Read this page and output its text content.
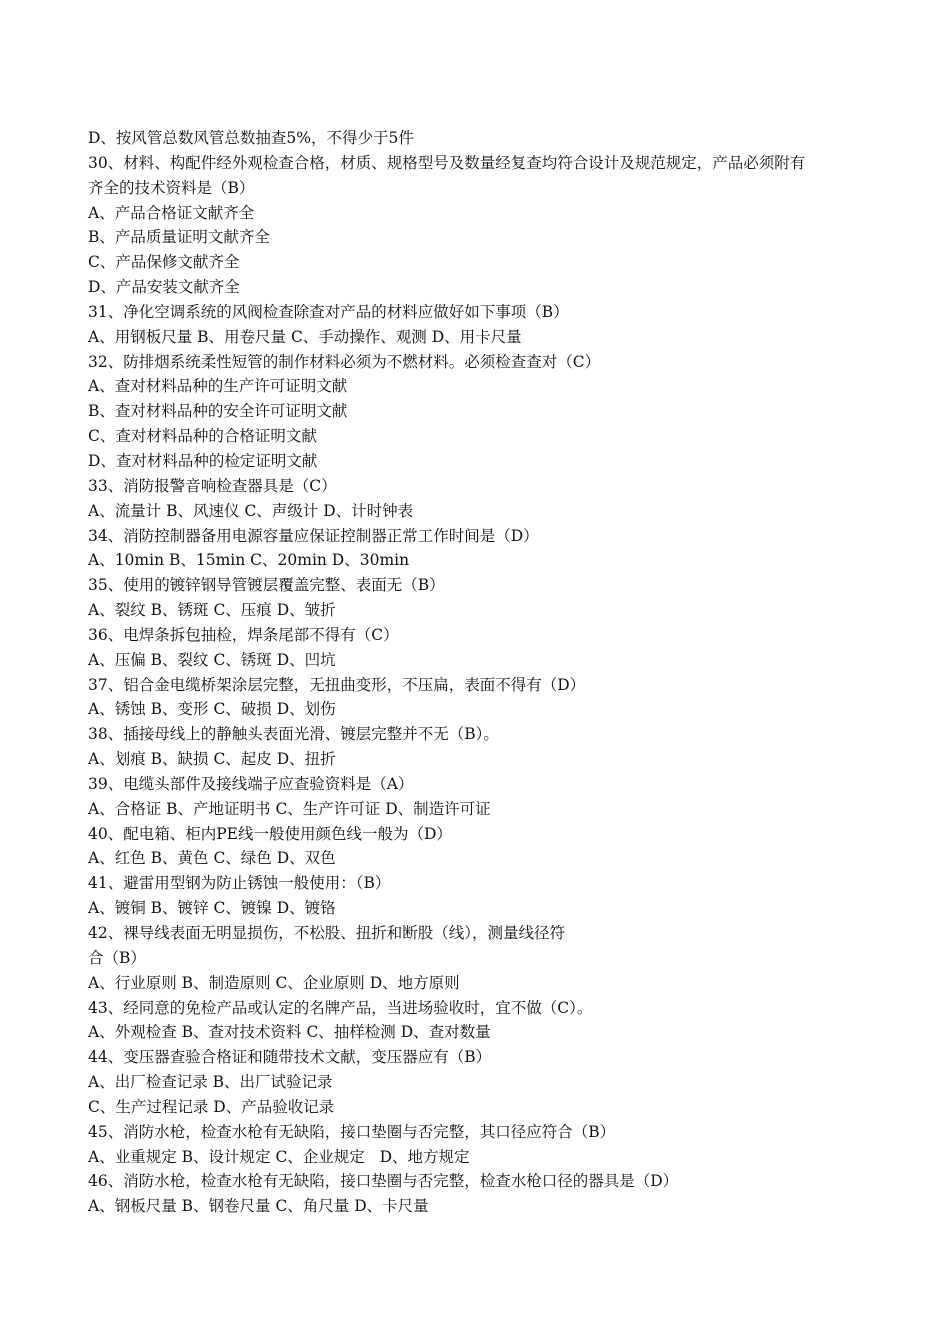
D、按风管总数风管总数抽查5%，不得少于5件
30、材料、构配件经外观检查合格，材质、规格型号及数量经复查均符合设计及规范规定，产品必须附有
齐全的技术资料是（B）
A、产品合格证文献齐全
B、产品质量证明文献齐全
C、产品保修文献齐全
D、产品安装文献齐全
31、净化空调系统的风阀检查除查对产品的材料应做好如下事项（B）
A、用钢板尺量 B、用卷尺量 C、手动操作、观测 D、用卡尺量
32、防排烟系统柔性短管的制作材料必须为不燃材料。必须检查查对（C）
A、查对材料品种的生产许可证明文献
B、查对材料品种的安全许可证明文献
C、查对材料品种的合格证明文献
D、查对材料品种的检定证明文献
33、消防报警音响检查器具是（C）
A、流量计 B、风速仪 C、声级计 D、计时钟表
34、消防控制器备用电源容量应保证控制器正常工作时间是（D）
A、10min B、15min C、20min D、30min
35、使用的镀锌钢导管镀层覆盖完整、表面无（B）
A、裂纹 B、锈斑 C、压痕 D、皱折
36、电焊条拆包抽检，焊条尾部不得有（C）
A、压偏 B、裂纹 C、锈斑 D、凹坑
37、铝合金电缆桥架涂层完整，无扭曲变形，不压扁，表面不得有（D）
A、锈蚀 B、变形 C、破损 D、划伤
38、插接母线上的静触头表面光滑、镀层完整并不无（B）。
A、划痕 B、缺损 C、起皮 D、扭折
39、电缆头部件及接线端子应查验资料是（A）
A、合格证 B、产地证明书 C、生产许可证 D、制造许可证
40、配电箱、柜内PE线一般使用颜色线一般为（D）
A、红色 B、黄色 C、绿色 D、双色
41、避雷用型钢为防止锈蚀一般使用：（B）
A、镀铜 B、镀锌 C、镀镍 D、镀铬
42、裸导线表面无明显损伤，不松股、扭折和断股（线），测量线径符
合（B）
A、行业原则 B、制造原则 C、企业原则 D、地方原则
43、经同意的免检产品或认定的名牌产品，当进场验收时，宜不做（C）。
A、外观检查 B、查对技术资料 C、抽样检测 D、查对数量
44、变压器查验合格证和随带技术文献，变压器应有（B）
A、出厂检查记录 B、出厂试验记录
C、生产过程记录 D、产品验收记录
45、消防水枪，检查水枪有无缺陷，接口垫圈与否完整，其口径应符合（B）
A、业重规定 B、设计规定 C、企业规定   D、地方规定
46、消防水枪，检查水枪有无缺陷，接口垫圈与否完整，检查水枪口径的器具是（D）
A、钢板尺量 B、钢卷尺量 C、角尺量 D、卡尺量
